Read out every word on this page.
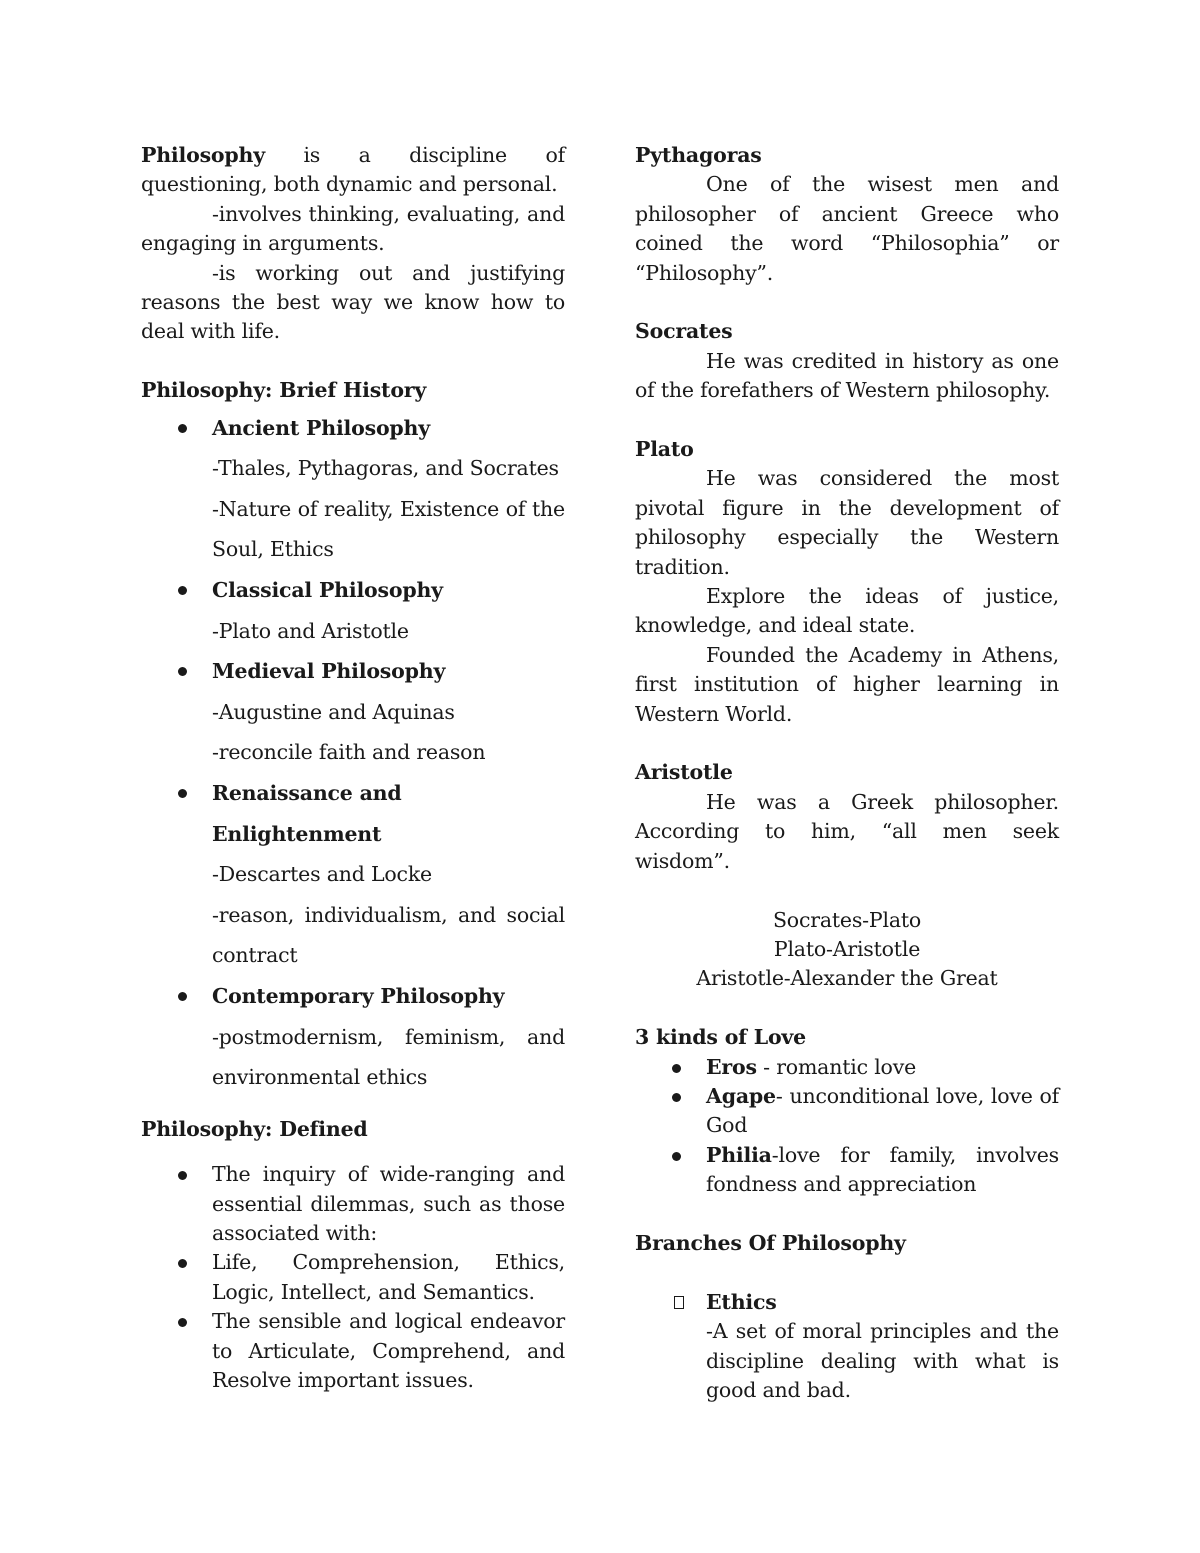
Philosophy is a discipline of questioning, both dynamic and personal.

-involves thinking, evaluating, and engaging in arguments.

-is working out and justifying reasons the best way we know how to deal with life.

Philosophy: Brief History

Ancient Philosophy

-Thales, Pythagoras, and Socrates

-Nature of reality, Existence of the Soul, Ethics

Classical Philosophy

-Plato and Aristotle

Medieval Philosophy

-Augustine and Aquinas

-reconcile faith and reason

Renaissance and Enlightenment

-Descartes and Locke

-reason, individualism, and social contract

Contemporary Philosophy

-postmodernism, feminism, and environmental ethics

Philosophy: Defined

The inquiry of wide-ranging and essential dilemmas, such as those associated with:
Life, Comprehension, Ethics, Logic, Intellect, and Semantics.
The sensible and logical endeavor to Articulate, Comprehend, and Resolve important issues.

Pythagoras

One of the wisest men and philosopher of ancient Greece who coined the word “Philosophia” or “Philosophy”.

Socrates

He was credited in history as one of the forefathers of Western philosophy.

Plato

He was considered the most pivotal figure in the development of philosophy especially the Western tradition.

Explore the ideas of justice, knowledge, and ideal state.

Founded the Academy in Athens, first institution of higher learning in Western World.

Aristotle

He was a Greek philosopher. According to him, “all men seek wisdom”.

Socrates-Plato

Plato-Aristotle

Aristotle-Alexander the Great

3 kinds of Love

Eros - romantic love
Agape- unconditional love, love of God
Philia-love for family, involves fondness and appreciation

Branches Of Philosophy

Ethics

-A set of moral principles and the discipline dealing with what is good and bad.
